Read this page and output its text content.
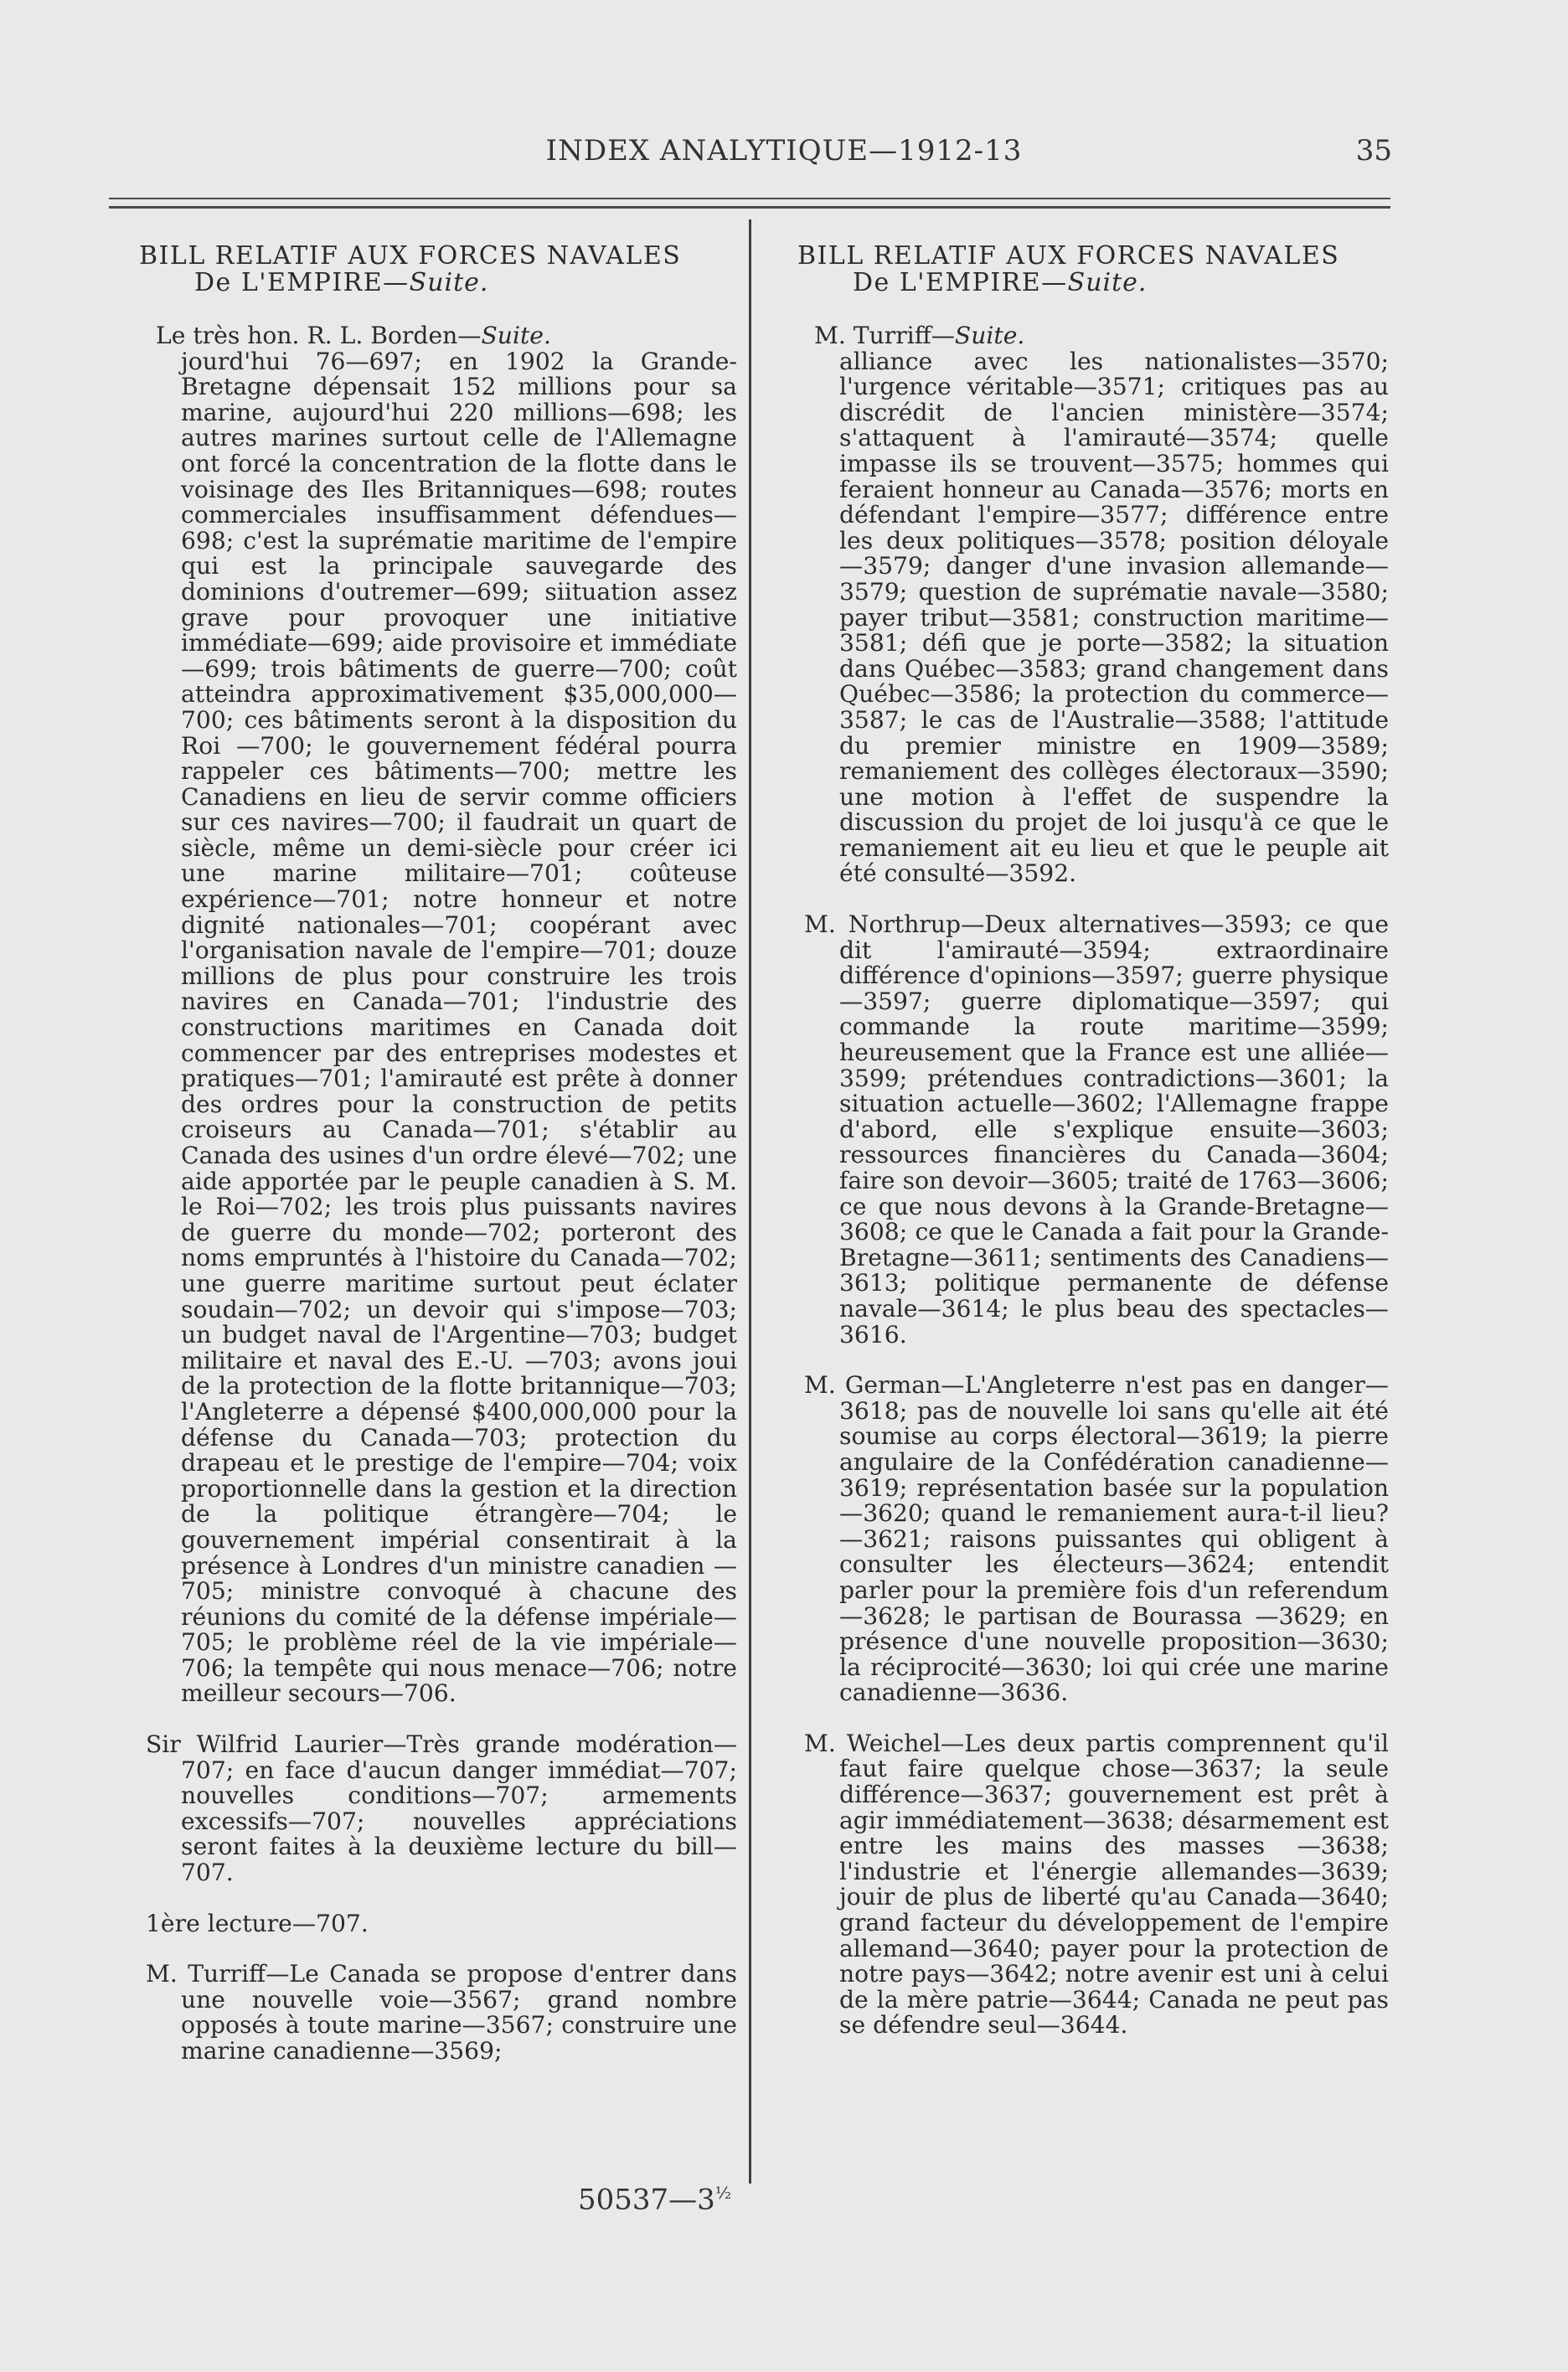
INDEX ANALYTIQUE—1912-13	35
BILL RELATIF AUX FORCES NAVALES
De L'EMPIRE—Suite.
Le très hon. R. L. Borden—Suite.
jourd'hui 76—697; en 1902 la Grande-Bretagne dépensait 152 millions pour sa marine, aujourd'hui 220 millions—698; les autres marines surtout celle de l'Allemagne ont forcé la concentration de la flotte dans le voisinage des Iles Britanniques—698; routes commerciales insuffisamment défendues—698; c'est la suprématie maritime de l'empire qui est la principale sauvegarde des dominions d'outremer—699; siituation assez grave pour provoquer une initiative immédiate—699; aide provisoire et immédiate—699; trois bâtiments de guerre—700; coût atteindra approximativement $35,000,000—700; ces bâtiments seront à la disposition du Roi —700; le gouvernement fédéral pourra rappeler ces bâtiments—700; mettre les Canadiens en lieu de servir comme officiers sur ces navires—700; il faudrait un quart de siècle, même un demi-siècle pour créer ici une marine militaire—701; coûteuse expérience—701; notre honneur et notre dignité nationales—701; coopérant avec l'organisation navale de l'empire—701; douze millions de plus pour construire les trois navires en Canada—701; l'industrie des constructions maritimes en Canada doit commencer par des entreprises modestes et pratiques—701; l'amirauté est prête à donner des ordres pour la construction de petits croiseurs au Canada—701; s'établir au Canada des usines d'un ordre élevé—702; une aide apportée par le peuple canadien à S. M. le Roi—702; les trois plus puissants navires de guerre du monde—702; porteront des noms empruntés à l'histoire du Canada—702; une guerre maritime surtout peut éclater soudain—702; un devoir qui s'impose—703; un budget naval de l'Argentine—703; budget militaire et naval des E.-U. —703; avons joui de la protection de la flotte britannique—703; l'Angleterre a dépensé $400,000,000 pour la défense du Canada—703; protection du drapeau et le prestige de l'empire—704; voix proportionnelle dans la gestion et la direction de la politique étrangère—704; le gouvernement impérial consentirait à la présence à Londres d'un ministre canadien —705; ministre convoqué à chacune des réunions du comité de la défense impériale—705; le problème réel de la vie impériale—706; la tempête qui nous menace—706; notre meilleur secours—706.
Sir Wilfrid Laurier—Très grande modération—707; en face d'aucun danger immédiat—707; nouvelles conditions—707; armements excessifs—707; nouvelles appréciations seront faites à la deuxième lecture du bill—707.
1ère lecture—707.
M. Turriff—Le Canada se propose d'entrer dans une nouvelle voie—3567; grand nombre opposés à toute marine—3567; construire une marine canadienne—3569;
BILL RELATIF AUX FORCES NAVALES
De L'EMPIRE—Suite.
M. Turriff—Suite.
alliance avec les nationalistes—3570; l'urgence véritable—3571; critiques pas au discrédit de l'ancien ministère—3574; s'attaquent à l'amirauté—3574; quelle impasse ils se trouvent—3575; hommes qui feraient honneur au Canada—3576; morts en défendant l'empire—3577; différence entre les deux politiques—3578; position déloyale—3579; danger d'une invasion allemande—3579; question de suprématie navale—3580; payer tribut—3581; construction maritime—3581; défi que je porte—3582; la situation dans Québec—3583; grand changement dans Québec—3586; la protection du commerce—3587; le cas de l'Australie—3588; l'attitude du premier ministre en 1909—3589; remaniement des collèges électoraux—3590; une motion à l'effet de suspendre la discussion du projet de loi jusqu'à ce que le remaniement ait eu lieu et que le peuple ait été consulté—3592.
M. Northrup—Deux alternatives—3593; ce que dit l'amirauté—3594; extraordinaire différence d'opinions—3597; guerre physique—3597; guerre diplomatique—3597; qui commande la route maritime—3599; heureusement que la France est une alliée—3599; prétendues contradictions—3601; la situation actuelle—3602; l'Allemagne frappe d'abord, elle s'explique ensuite—3603; ressources financières du Canada—3604; faire son devoir—3605; traité de 1763—3606; ce que nous devons à la Grande-Bretagne—3608; ce que le Canada a fait pour la Grande-Bretagne—3611; sentiments des Canadiens—3613; politique permanente de défense navale—3614; le plus beau des spectacles—3616.
M. German—L'Angleterre n'est pas en danger—3618; pas de nouvelle loi sans qu'elle ait été soumise au corps électoral—3619; la pierre angulaire de la Confédération canadienne—3619; représentation basée sur la population—3620; quand le remaniement aura-t-il lieu?—3621; raisons puissantes qui obligent à consulter les électeurs—3624; entendit parler pour la première fois d'un referendum—3628; le partisan de Bourassa —3629; en présence d'une nouvelle proposition—3630; la réciprocité—3630; loi qui crée une marine canadienne—3636.
M. Weichel—Les deux partis comprennent qu'il faut faire quelque chose—3637; la seule différence—3637; gouvernement est prêt à agir immédiatement—3638; désarmement est entre les mains des masses —3638; l'industrie et l'énergie allemandes—3639; jouir de plus de liberté qu'au Canada—3640; grand facteur du développement de l'empire allemand—3640; payer pour la protection de notre pays—3642; notre avenir est uni à celui de la mère patrie—3644; Canada ne peut pas se défendre seul—3644.
$50537—3^{\frac{1}{2}}$
